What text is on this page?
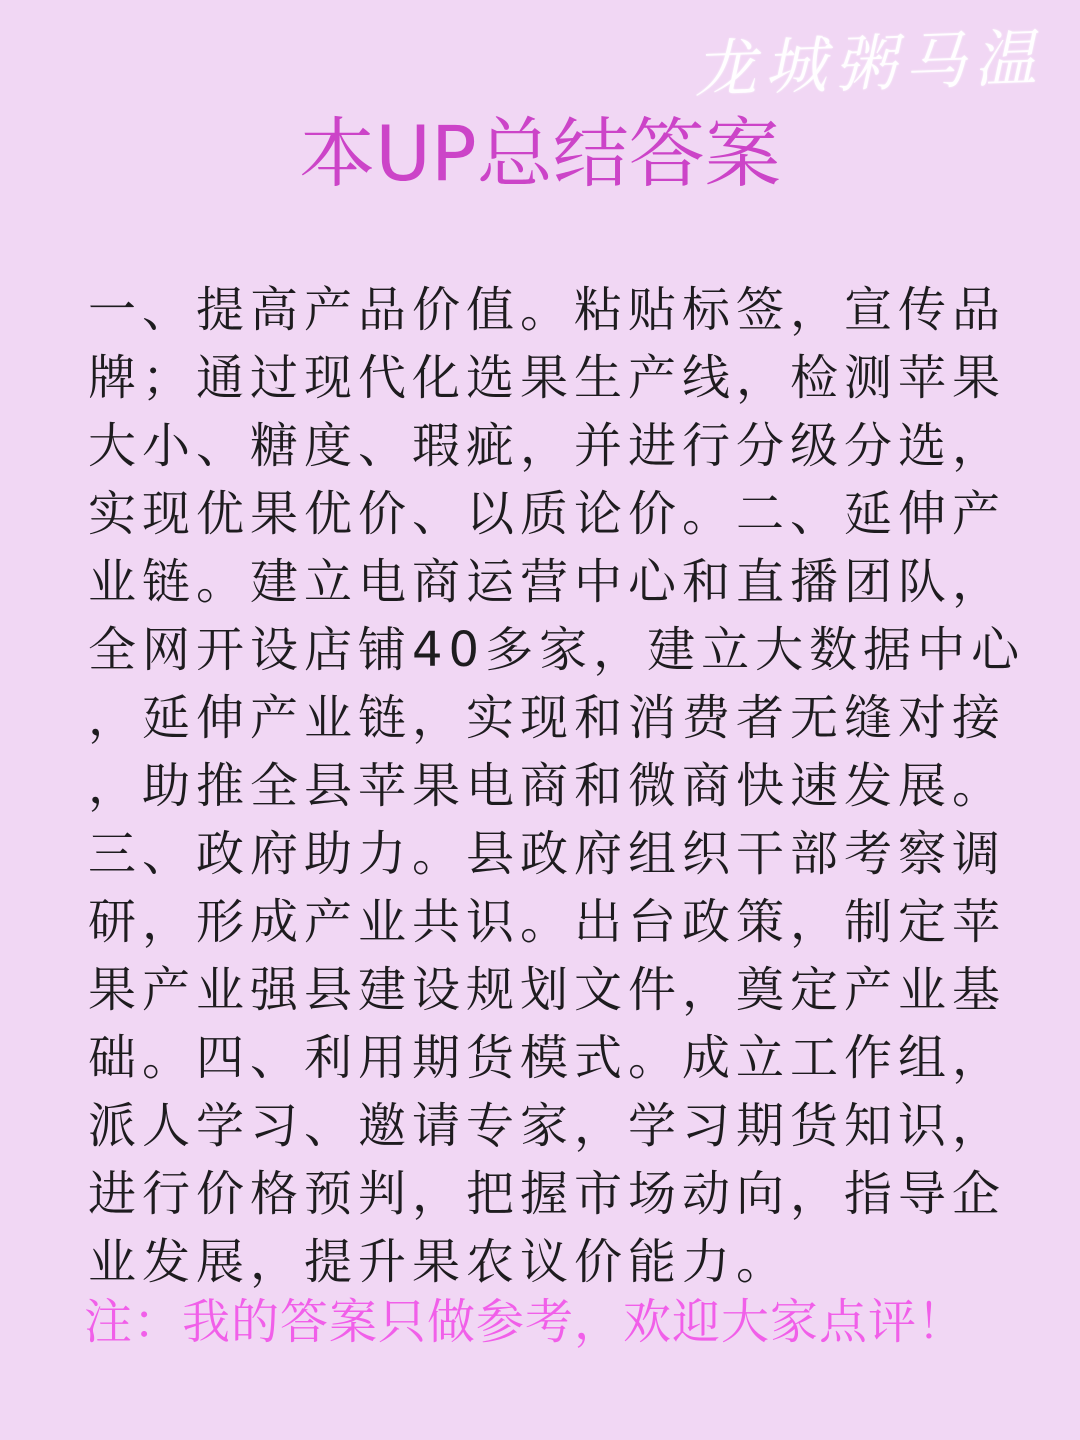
龙城粥马温
本UP总结答案
一、提高产品价值。粘贴标签，宣传品
牌；通过现代化选果生产线，检测苹果
大小、糖度、瑕疵，并进行分级分选，
实现优果优价、以质论价。二、延伸产
业链。建立电商运营中心和直播团队，
全网开设店铺40多家，建立大数据中心
，延伸产业链，实现和消费者无缝对接
，助推全县苹果电商和微商快速发展。
三、政府助力。县政府组织干部考察调
研，形成产业共识。出台政策，制定苹
果产业强县建设规划文件，奠定产业基
础。四、利用期货模式。成立工作组，
派人学习、邀请专家，学习期货知识，
进行价格预判，把握市场动向，指导企
业发展，提升果农议价能力。
注：我的答案只做参考，欢迎大家点评！
